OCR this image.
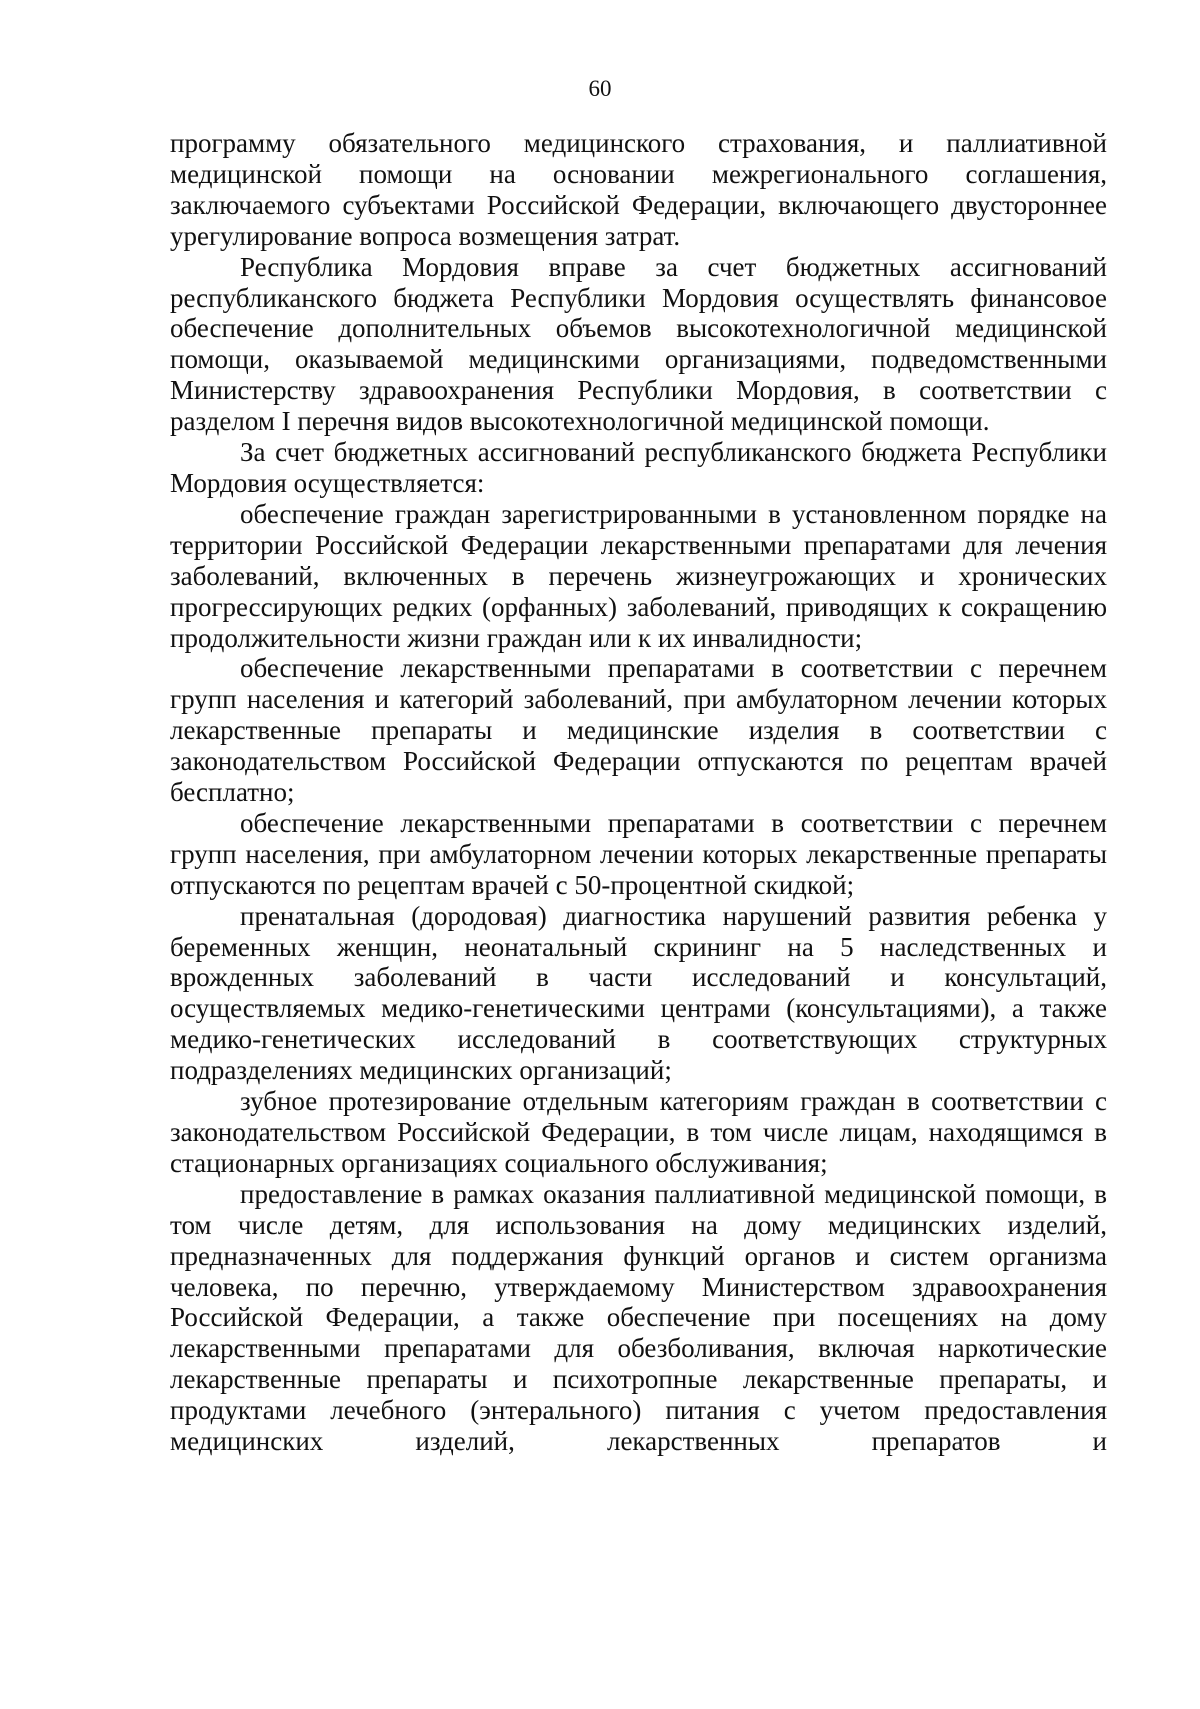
60

программу обязательного медицинского страхования, и паллиативной медицинской помощи на основании межрегионального соглашения, заключаемого субъектами Российской Федерации, включающего двустороннее урегулирование вопроса возмещения затрат.

Республика Мордовия вправе за счет бюджетных ассигнований республиканского бюджета Республики Мордовия осуществлять финансовое обеспечение дополнительных объемов высокотехнологичной медицинской помощи, оказываемой медицинскими организациями, подведомственными Министерству здравоохранения Республики Мордовия, в соответствии с разделом I перечня видов высокотехнологичной медицинской помощи.

За счет бюджетных ассигнований республиканского бюджета Республики Мордовия осуществляется:

обеспечение граждан зарегистрированными в установленном порядке на территории Российской Федерации лекарственными препаратами для лечения заболеваний, включенных в перечень жизнеугрожающих и хронических прогрессирующих редких (орфанных) заболеваний, приводящих к сокращению продолжительности жизни граждан или к их инвалидности;

обеспечение лекарственными препаратами в соответствии с перечнем групп населения и категорий заболеваний, при амбулаторном лечении которых лекарственные препараты и медицинские изделия в соответствии с законодательством Российской Федерации отпускаются по рецептам врачей бесплатно;

обеспечение лекарственными препаратами в соответствии с перечнем групп населения, при амбулаторном лечении которых лекарственные препараты отпускаются по рецептам врачей с 50-процентной скидкой;

пренатальная (дородовая) диагностика нарушений развития ребенка у беременных женщин, неонатальный скрининг на 5 наследственных и врожденных заболеваний в части исследований и консультаций, осуществляемых медико-генетическими центрами (консультациями), а также медико-генетических исследований в соответствующих структурных подразделениях медицинских организаций;

зубное протезирование отдельным категориям граждан в соответствии с законодательством Российской Федерации, в том числе лицам, находящимся в стационарных организациях социального обслуживания;

предоставление в рамках оказания паллиативной медицинской помощи, в том числе детям, для использования на дому медицинских изделий, предназначенных для поддержания функций органов и систем организма человека, по перечню, утверждаемому Министерством здравоохранения Российской Федерации, а также обеспечение при посещениях на дому лекарственными препаратами для обезболивания, включая наркотические лекарственные препараты и психотропные лекарственные препараты, и продуктами лечебного (энтерального) питания с учетом предоставления медицинских изделий, лекарственных препаратов и
